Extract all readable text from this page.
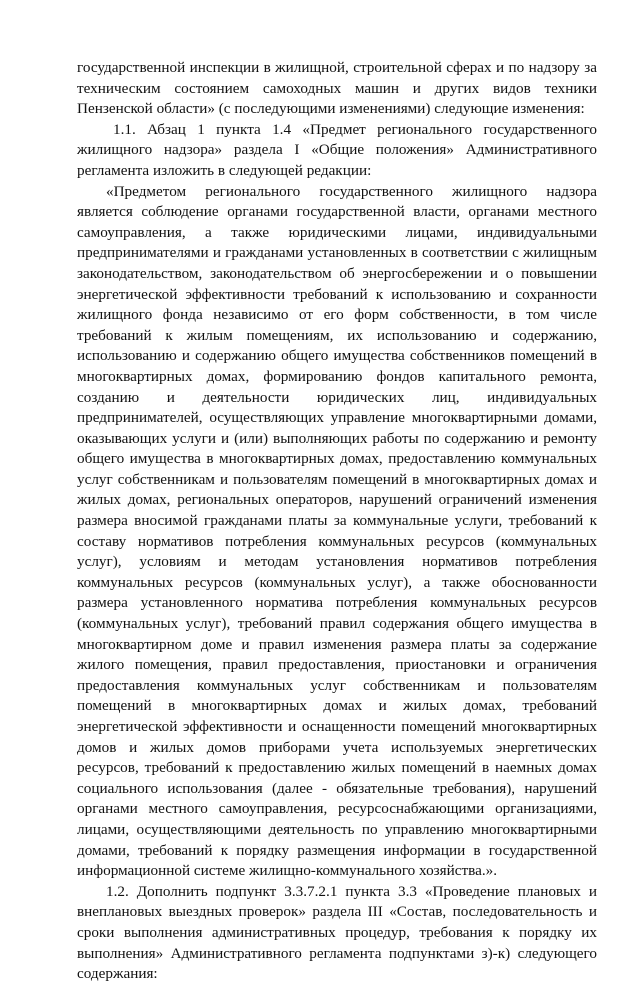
государственной инспекции в жилищной, строительной сферах и по надзору за
техническим состоянием самоходных машин и других видов техники
Пензенской области» (с последующими изменениями) следующие изменения:
1.1. Абзац 1 пункта 1.4 «Предмет регионального государственного
жилищного надзора» раздела I «Общие положения» Административного
регламента изложить в следующей редакции:
«Предметом регионального государственного жилищного надзора
является соблюдение органами государственной власти, органами местного
самоуправления, а также юридическими лицами, индивидуальными
предпринимателями и гражданами установленных в соответствии с жилищным
законодательством, законодательством об энергосбережении и о повышении
энергетической эффективности требований к использованию и сохранности
жилищного фонда независимо от его форм собственности, в том числе
требований к жилым помещениям, их использованию и содержанию,
использованию и содержанию общего имущества собственников помещений в
многоквартирных домах, формированию фондов капитального ремонта,
созданию и деятельности юридических лиц, индивидуальных
предпринимателей, осуществляющих управление многоквартирными домами,
оказывающих услуги и (или) выполняющих работы по содержанию и ремонту
общего имущества в многоквартирных домах, предоставлению коммунальных
услуг собственникам и пользователям помещений в многоквартирных домах и
жилых домах, региональных операторов, нарушений ограничений изменения
размера вносимой гражданами платы за коммунальные услуги, требований к
составу нормативов потребления коммунальных ресурсов (коммунальных
услуг), условиям и методам установления нормативов потребления
коммунальных ресурсов (коммунальных услуг), а также обоснованности
размера установленного норматива потребления коммунальных ресурсов
(коммунальных услуг), требований правил содержания общего имущества в
многоквартирном доме и правил изменения размера платы за содержание
жилого помещения, правил предоставления, приостановки и ограничения
предоставления коммунальных услуг собственникам и пользователям
помещений в многоквартирных домах и жилых домах, требований
энергетической эффективности и оснащенности помещений многоквартирных
домов и жилых домов приборами учета используемых энергетических
ресурсов, требований к предоставлению жилых помещений в наемных домах
социального использования (далее - обязательные требования), нарушений
органами местного самоуправления, ресурсоснабжающими организациями,
лицами, осуществляющими деятельность по управлению многоквартирными
домами, требований к порядку размещения информации в государственной
информационной системе жилищно-коммунального хозяйства.».
1.2. Дополнить подпункт 3.3.7.2.1 пункта 3.3 «Проведение плановых и
внеплановых выездных проверок» раздела III «Состав, последовательность и
сроки выполнения административных процедур, требования к порядку их
выполнения» Административного регламента подпунктами з)-к) следующего
содержания:
